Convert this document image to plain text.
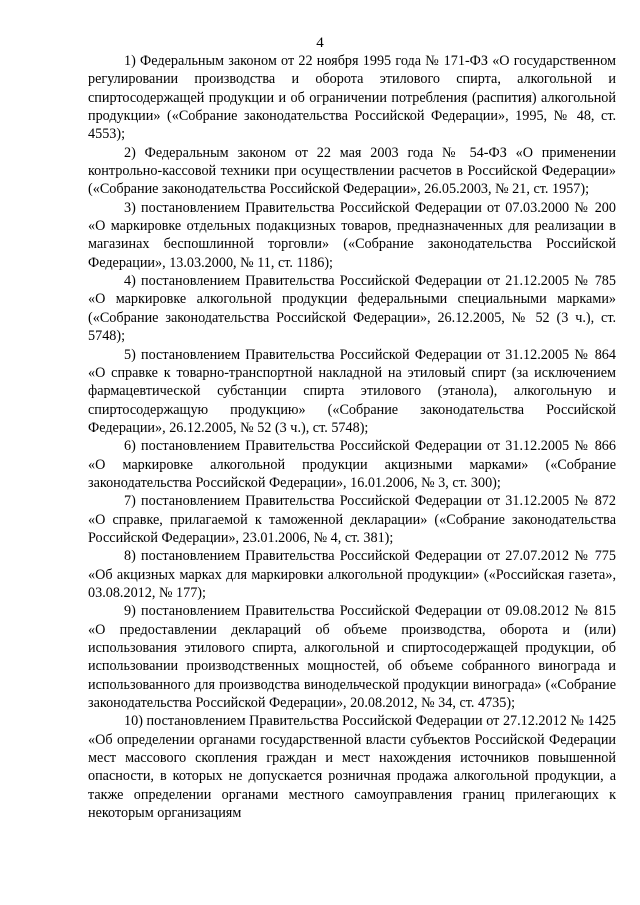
4

1) Федеральным законом от 22 ноября 1995 года № 171-ФЗ «О государственном регулировании производства и оборота этилового спирта, алкогольной и спиртосодержащей продукции и об ограничении потребления (распития) алкогольной продукции» («Собрание законодательства Российской Федерации», 1995, № 48, ст. 4553);

2) Федеральным законом от 22 мая 2003 года № 54-ФЗ «О применении контрольно-кассовой техники при осуществлении расчетов в Российской Федерации» («Собрание законодательства Российской Федерации», 26.05.2003, № 21, ст. 1957);

3) постановлением Правительства Российской Федерации от 07.03.2000 № 200 «О маркировке отдельных подакцизных товаров, предназначенных для реализации в магазинах беспошлинной торговли» («Собрание законодательства Российской Федерации», 13.03.2000, № 11, ст. 1186);

4) постановлением Правительства Российской Федерации от 21.12.2005 № 785 «О маркировке алкогольной продукции федеральными специальными марками» («Собрание законодательства Российской Федерации», 26.12.2005, № 52 (3 ч.), ст. 5748);

5) постановлением Правительства Российской Федерации от 31.12.2005 № 864 «О справке к товарно-транспортной накладной на этиловый спирт (за исключением фармацевтической субстанции спирта этилового (этанола), алкогольную и спиртосодержащую продукцию» («Собрание законодательства Российской Федерации», 26.12.2005, № 52 (3 ч.), ст. 5748);

6) постановлением Правительства Российской Федерации от 31.12.2005 № 866 «О маркировке алкогольной продукции акцизными марками» («Собрание законодательства Российской Федерации», 16.01.2006, № 3, ст. 300);

7) постановлением Правительства Российской Федерации от 31.12.2005 № 872 «О справке, прилагаемой к таможенной декларации» («Собрание законодательства Российской Федерации», 23.01.2006, № 4, ст. 381);

8) постановлением Правительства Российской Федерации от 27.07.2012 № 775 «Об акцизных марках для маркировки алкогольной продукции» («Российская газета», 03.08.2012, № 177);

9) постановлением Правительства Российской Федерации от 09.08.2012 № 815 «О предоставлении деклараций об объеме производства, оборота и (или) использования этилового спирта, алкогольной и спиртосодержащей продукции, об использовании производственных мощностей, об объеме собранного винограда и использованного для производства винодельческой продукции винограда» («Собрание законодательства Российской Федерации», 20.08.2012, № 34, ст. 4735);

10) постановлением Правительства Российской Федерации от 27.12.2012 № 1425 «Об определении органами государственной власти субъектов Российской Федерации мест массового скопления граждан и мест нахождения источников повышенной опасности, в которых не допускается розничная продажа алкогольной продукции, а также определении органами местного самоуправления границ прилегающих к некоторым организациям
